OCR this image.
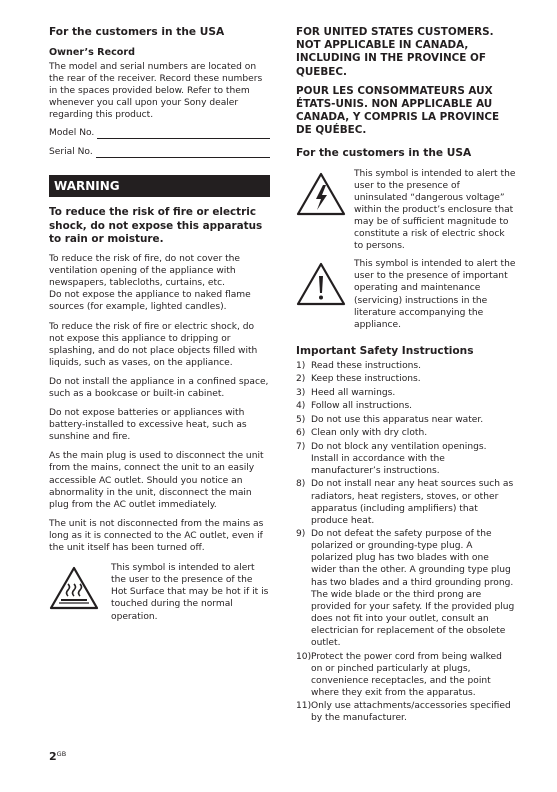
For the customers in the USA

Owner’s Record

The model and serial numbers are located on the rear of the receiver. Record these numbers in the spaces provided below. Refer to them whenever you call upon your Sony dealer regarding this product.

Model No.
Serial No.
WARNING

To reduce the risk of fire or electric shock, do not expose this apparatus to rain or moisture.

To reduce the risk of fire, do not cover the ventilation opening of the appliance with newspapers, tablecloths, curtains, etc.

Do not expose the appliance to naked flame sources (for example, lighted candles).

To reduce the risk of fire or electric shock, do not expose this appliance to dripping or splashing, and do not place objects filled with liquids, such as vases, on the appliance.

Do not install the appliance in a confined space, such as a bookcase or built-in cabinet.

Do not expose batteries or appliances with battery-installed to excessive heat, such as sunshine and fire.

As the main plug is used to disconnect the unit from the mains, connect the unit to an easily accessible AC outlet. Should you notice an abnormality in the unit, disconnect the main plug from the AC outlet immediately.

The unit is not disconnected from the mains as long as it is connected to the AC outlet, even if the unit itself has been turned off.

This symbol is intended to alert the user to the presence of the Hot Surface that may be hot if it is touched during the normal operation.

FOR UNITED STATES CUSTOMERS. NOT APPLICABLE IN CANADA, INCLUDING IN THE PROVINCE OF QUEBEC.

POUR LES CONSOMMATEURS AUX ÉTATS-UNIS. NON APPLICABLE AU CANADA, Y COMPRIS LA PROVINCE DE QUÉBEC.

For the customers in the USA

This symbol is intended to alert the user to the presence of uninsulated “dangerous voltage” within the product’s enclosure that may be of sufficient magnitude to constitute a risk of electric shock to persons.

This symbol is intended to alert the user to the presence of important operating and maintenance (servicing) instructions in the literature accompanying the appliance.

Important Safety Instructions

1) Read these instructions.
2) Keep these instructions.
3) Heed all warnings.
4) Follow all instructions.
5) Do not use this apparatus near water.
6) Clean only with dry cloth.
7) Do not block any ventilation openings. Install in accordance with the manufacturer’s instructions.
8) Do not install near any heat sources such as radiators, heat registers, stoves, or other apparatus (including amplifiers) that produce heat.
9) Do not defeat the safety purpose of the polarized or grounding-type plug. A polarized plug has two blades with one wider than the other. A grounding type plug has two blades and a third grounding prong. The wide blade or the third prong are provided for your safety. If the provided plug does not fit into your outlet, consult an electrician for replacement of the obsolete outlet.
10) Protect the power cord from being walked on or pinched particularly at plugs, convenience receptacles, and the point where they exit from the apparatus.
11) Only use attachments/accessories specified by the manufacturer.
$2^{GB}$
